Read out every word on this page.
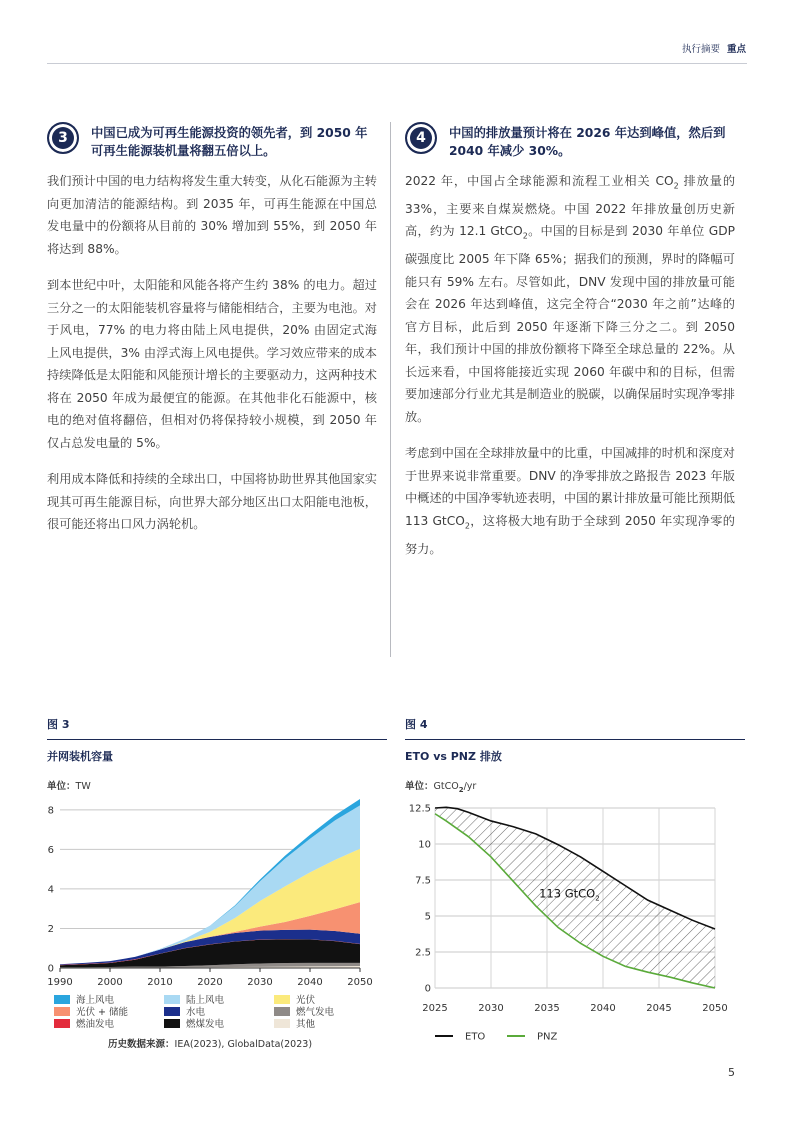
执行摘要 重点
3	中国已成为可再生能源投资的领先者，到 2050 年可再生能源装机量将翻五倍以上。

我们预计中国的电力结构将发生重大转变，从化石能源为主转向更加清洁的能源结构。到 2035 年，可再生能源在中国总发电量中的份额将从目前的 30% 增加到 55%，到 2050 年将达到 88%。

到本世纪中叶，太阳能和风能各将产生约 38% 的电力。超过三分之一的太阳能装机容量将与储能相结合，主要为电池。对于风电，77% 的电力将由陆上风电提供，20% 由固定式海上风电提供，3% 由浮式海上风电提供。学习效应带来的成本持续降低是太阳能和风能预计增长的主要驱动力，这两种技术将在 2050 年成为最便宜的能源。在其他非化石能源中，核电的绝对值将翻倍，但相对仍将保持较小规模，到 2050 年仅占总发电量的 5%。

利用成本降低和持续的全球出口，中国将协助世界其他国家实现其可再生能源目标，向世界大部分地区出口太阳能电池板，很可能还将出口风力涡轮机。

4	中国的排放量预计将在 2026 年达到峰值，然后到 2040 年减少 30%。

2022 年，中国占全球能源和流程工业相关 $CO_2$ 排放量的 33%，主要来自煤炭燃烧。中国 2022 年排放量创历史新高，约为 12.1 GtCO$_2$。中国的目标是到 2030 年单位 GDP 碳强度比 2005 年下降 65%；据我们的预测，界时的降幅可能只有 59% 左右。尽管如此，DNV 发现中国的排放量可能会在 2026 年达到峰值，这完全符合“2030 年之前”达峰的官方目标，此后到 2050 年逐渐下降三分之二。到 2050 年，我们预计中国的排放份额将下降至全球总量的 22%。从长远来看，中国将能接近实现 2060 年碳中和的目标，但需要加速部分行业尤其是制造业的脱碳，以确保届时实现净零排放。

考虑到中国在全球排放量中的比重，中国减排的时机和深度对于世界来说非常重要。DNV 的净零排放之路报告 2023 年版中概述的中国净零轨迹表明，中国的累计排放量可能比预期低 113 GtCO$_2$，这将极大地有助于全球到 2050 年实现净零的努力。

图 3
并网装机容量
单位：TW
0
2
4
6
8
1990 2000 2010 2020 2030 2040 2050
海上风电
光伏 + 储能
燃油发电
陆上风电
水电
燃煤发电
光伏
燃气发电
其他
历史数据来源：IEA(2023), GlobalData(2023)
图 4
ETO vs PNZ 排放
单位：GtCO$_2$/yr
0
2.5
5
7.5
10
12.5
2025	2030	2035	2040	2045	2050
113 GtCO$_2$
ETO	PNZ
5
